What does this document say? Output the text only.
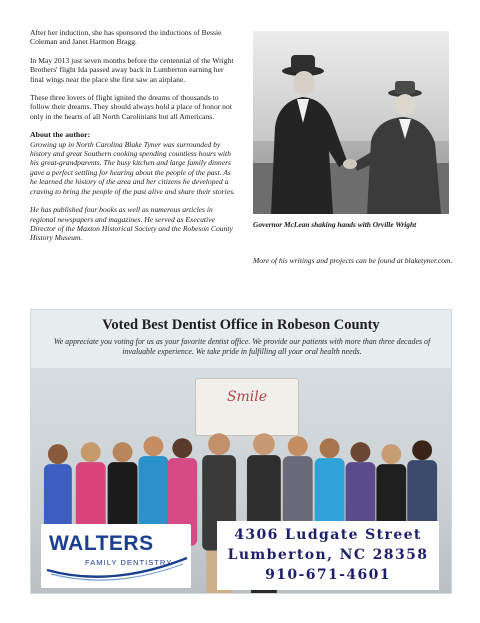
After her induction, she has sponsored the inductions of Bessie Coleman and Janet Harmon Bragg.

In May 2013 just seven months before the centennial of the Wright Brothers' flight Ida passed away back in Lumberton earning her final wings near the place she first saw an airplane.

These three lovers of flight ignited the dreams of thousands to follow their dreams. They should always hold a place of honor not only in the hearts of all North Carolinians but all Americans.

About the author:

Growing up in North Carolina Blake Tyner was surrounded by history and great Southern cooking spending countless hours with his great-grandparents. The busy kitchen and large family dinners gave a perfect settling for hearing about the people of the past. As he learned the history of the area and her citizens he developed a craving to bring the people of the past alive and share their stories.

He has published four books as well as numerous articles in regional newspapers and magazines. He served as Executive Director of the Maxton Historical Society and the Robeson County History Museum.

Governor McLean shaking hands with Orville Wright
More of his writings and projects can be found at blaketyner.com.
Voted Best Dentist Office in Robeson County
We appreciate you voting for us as your favorite dentist office. We provide our patients with more than three decades of invaluable experience. We take pride in fulfilling all your oral health needs.
Smile
WALTERS
FAMILY DENTISTRY
4306 Ludgate Street
Lumberton, NC 28358
910-671-4601
